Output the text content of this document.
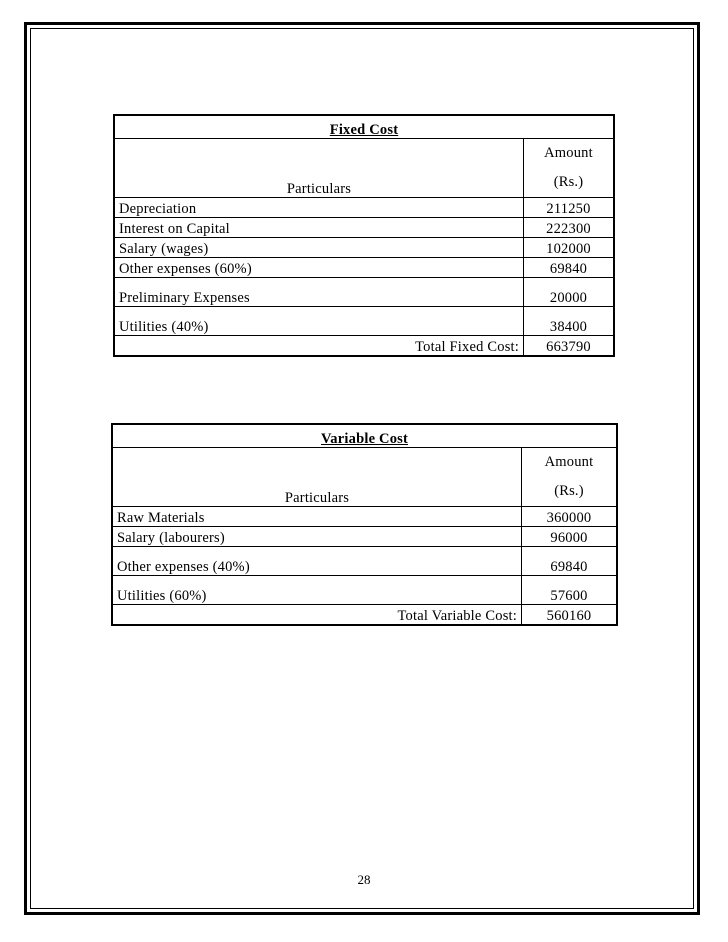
Fixed Cost	
Particulars	Amount
(Rs.)
Depreciation	211250
Interest on Capital	222300
Salary (wages)	102000
Other expenses (60%)	69840
Preliminary Expenses	20000
Utilities (40%)	38400
Total Fixed Cost:	663790
Variable Cost	
Particulars	Amount
(Rs.)
Raw Materials	360000
Salary (labourers)	96000
Other expenses (40%)	69840
Utilities (60%)	57600
Total Variable Cost:	560160
28
